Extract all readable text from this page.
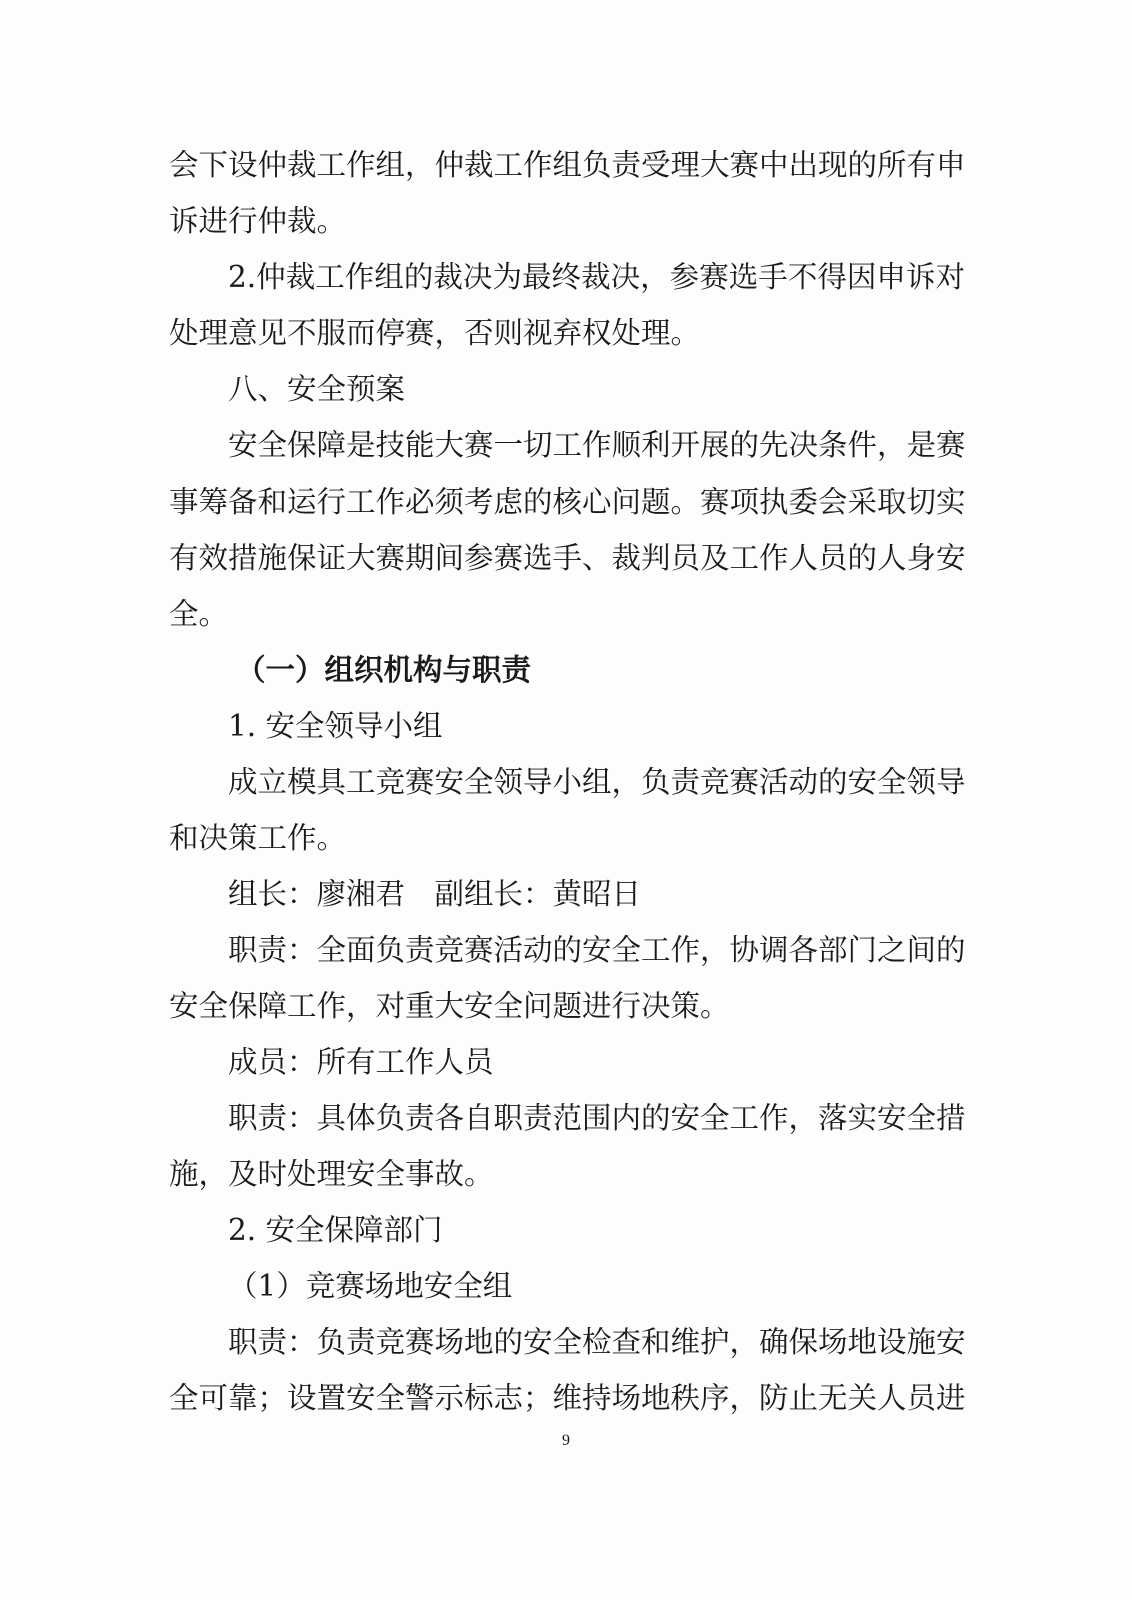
会下设仲裁工作组，仲裁工作组负责受理大赛中出现的所有申
诉进行仲裁。
2.仲裁工作组的裁决为最终裁决，参赛选手不得因申诉对
处理意见不服而停赛，否则视弃权处理。
八、安全预案
安全保障是技能大赛一切工作顺利开展的先决条件，是赛
事筹备和运行工作必须考虑的核心问题。赛项执委会采取切实
有效措施保证大赛期间参赛选手、裁判员及工作人员的人身安
全。
（一）组织机构与职责
1. 安全领导小组
成立模具工竞赛安全领导小组，负责竞赛活动的安全领导
和决策工作。
组长：廖湘君　副组长：黄昭日
职责：全面负责竞赛活动的安全工作，协调各部门之间的
安全保障工作，对重大安全问题进行决策。
成员：所有工作人员
职责：具体负责各自职责范围内的安全工作，落实安全措
施，及时处理安全事故。
2. 安全保障部门
（1）竞赛场地安全组
职责：负责竞赛场地的安全检查和维护，确保场地设施安
全可靠；设置安全警示标志；维持场地秩序，防止无关人员进
9
